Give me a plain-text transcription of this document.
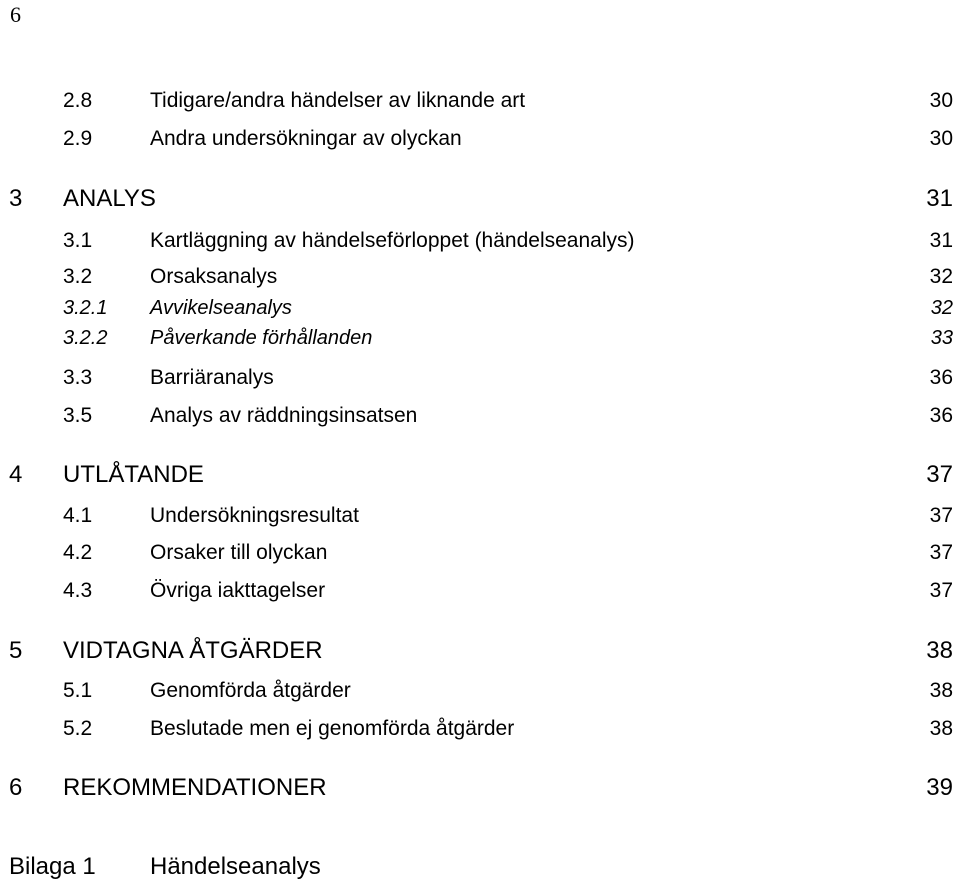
6
2.8	Tidigare/andra händelser av liknande art	30
2.9	Andra undersökningar av olyckan	30
3 ANALYS	31
3.1	Kartläggning av händelseförloppet (händelseanalys)	31
3.2	Orsaksanalys	32
3.2.1 Avvikelseanalys	32
3.2.2 Påverkande förhållanden	33
3.3	Barriäranalys	36
3.5	Analys av räddningsinsatsen	36
4 UTLÅTANDE	37
4.1	Undersökningsresultat	37
4.2	Orsaker till olyckan	37
4.3	Övriga iakttagelser	37
5 VIDTAGNA ÅTGÄRDER	38
5.1	Genomförda åtgärder	38
5.2	Beslutade men ej genomförda åtgärder	38
6 REKOMMENDATIONER	39
Bilaga 1 Händelseanalys
